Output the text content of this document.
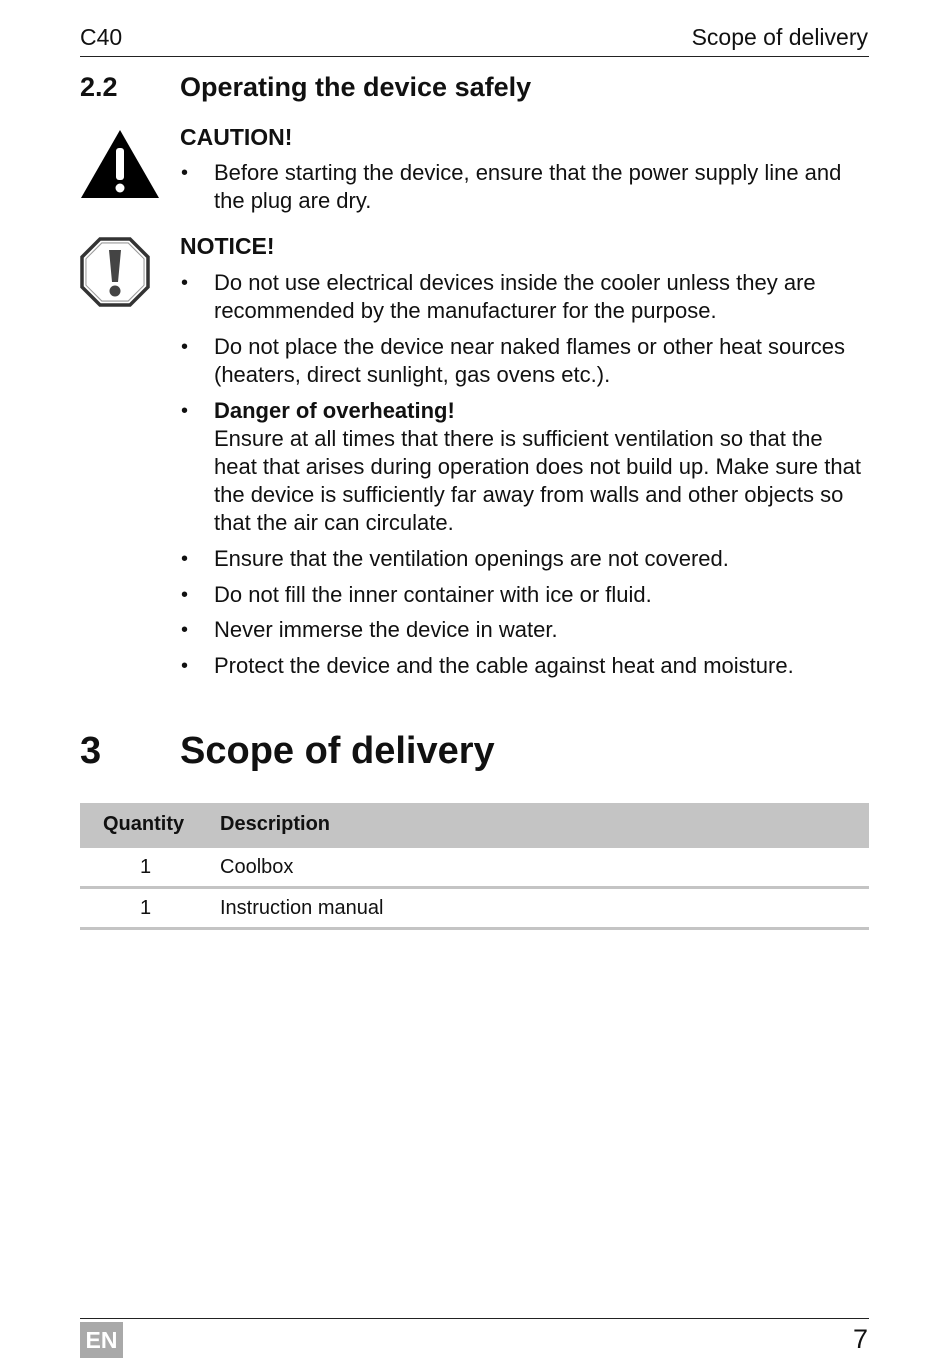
C40	Scope of delivery
2.2 Operating the device safely
CAUTION!
• Before starting the device, ensure that the power supply line and the plug are dry.
NOTICE!
• Do not use electrical devices inside the cooler unless they are recommended by the manufacturer for the purpose.
• Do not place the device near naked flames or other heat sources (heaters, direct sunlight, gas ovens etc.).
• Danger of overheating!
Ensure at all times that there is sufficient ventilation so that the heat that arises during operation does not build up. Make sure that the device is sufficiently far away from walls and other objects so that the air can circulate.
• Ensure that the ventilation openings are not covered.
• Do not fill the inner container with ice or fluid.
• Never immerse the device in water.
• Protect the device and the cable against heat and moisture.
3 Scope of delivery
Quantity Description
1	Coolbox
1	Instruction manual
EN	7
